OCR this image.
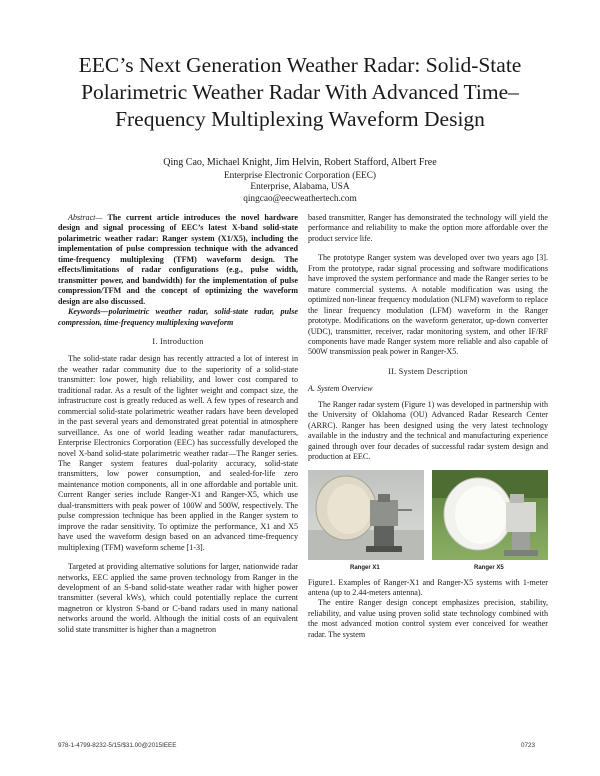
EEC’s Next Generation Weather Radar: Solid-State Polarimetric Weather Radar With Advanced Time–Frequency Multiplexing Waveform Design
Qing Cao, Michael Knight, Jim Helvin, Robert Stafford, Albert Free
Enterprise Electronic Corporation (EEC)
Enterprise, Alabama, USA
qingcao@eecweathertech.com

Abstract— The current article introduces the novel hardware design and signal processing of EEC’s latest X-band solid-state polarimetric weather radar: Ranger system (X1/X5), including the implementation of pulse compression technique with the advanced time-frequency multiplexing (TFM) waveform design. The effects/limitations of radar configurations (e.g., pulse width, transmitter power, and bandwidth) for the implementation of pulse compression/TFM and the concept of optimizing the waveform design are also discussed.

Keywords—polarimetric weather radar, solid-state radar, pulse compression, time-frequency multiplexing waveform

I. Introduction

The solid-state radar design has recently attracted a lot of interest in the weather radar community due to the superiority of a solid-state transmitter: low power, high reliability, and lower cost compared to traditional radar. As a result of the lighter weight and compact size, the infrastructure cost is greatly reduced as well. A few types of research and commercial solid-state polarimetric weather radars have been developed in the past several years and demonstrated great potential in atmosphere surveillance. As one of world leading weather radar manufacturers, Enterprise Electronics Corporation (EEC) has successfully developed the novel X-band solid-state polarimetric weather radar—The Ranger series. The Ranger system features dual-polarity accuracy, solid-state transmitters, low power consumption, and sealed-for-life zero maintenance motion components, all in one affordable and portable unit. Current Ranger series include Ranger-X1 and Ranger-X5, which use dual-transmitters with peak power of 100W and 500W, respectively. The pulse compression technique has been applied in the Ranger system to improve the radar sensitivity. To optimize the performance, X1 and X5 have used the waveform design based on an advanced time-frequency multiplexing (TFM) waveform scheme [1-3].

Targeted at providing alternative solutions for larger, nationwide radar networks, EEC applied the same proven technology from Ranger in the development of an S-band solid-state weather radar with higher power transmitter (several kWs), which could potentially replace the current magnetron or klystron S-band or C-band radars used in many national networks around the world. Although the initial costs of an equivalent solid state transmitter is higher than a magnetron

based transmitter, Ranger has demonstrated the technology will yield the performance and reliability to make the option more affordable over the product service life.

The prototype Ranger system was developed over two years ago [3]. From the prototype, radar signal processing and software modifications have improved the system performance and made the Ranger series to be mature commercial systems. A notable modification was using the optimized non-linear frequency modulation (NLFM) waveform to replace the linear frequency modulation (LFM) waveform in the Ranger prototype. Modifications on the waveform generator, up-down converter (UDC), transmitter, receiver, radar monitoring system, and other IF/RF components have made Ranger system more reliable and also capable of 500W transmission peak power in Ranger-X5.

II. System Description
A. System Overview

The Ranger radar system (Figure 1) was developed in partnership with the University of Oklahoma (OU) Advanced Radar Research Center (ARRC). Ranger has been designed using the very latest technology available in the industry and the technical and manufacturing experience gained through over four decades of successful radar system design and production at EEC.

Ranger X1	Ranger X5

Figure1. Examples of Ranger-X1 and Ranger-X5 systems with 1-meter antena (up to 2.44-meters antenna).

The entire Ranger design concept emphasizes precision, stability, reliability, and value using proven solid state technology combined with the most advanced motion control system ever conceived for weather radar. The system

978-1-4799-8232-5/15/$31.00@2015IEEE	0723
